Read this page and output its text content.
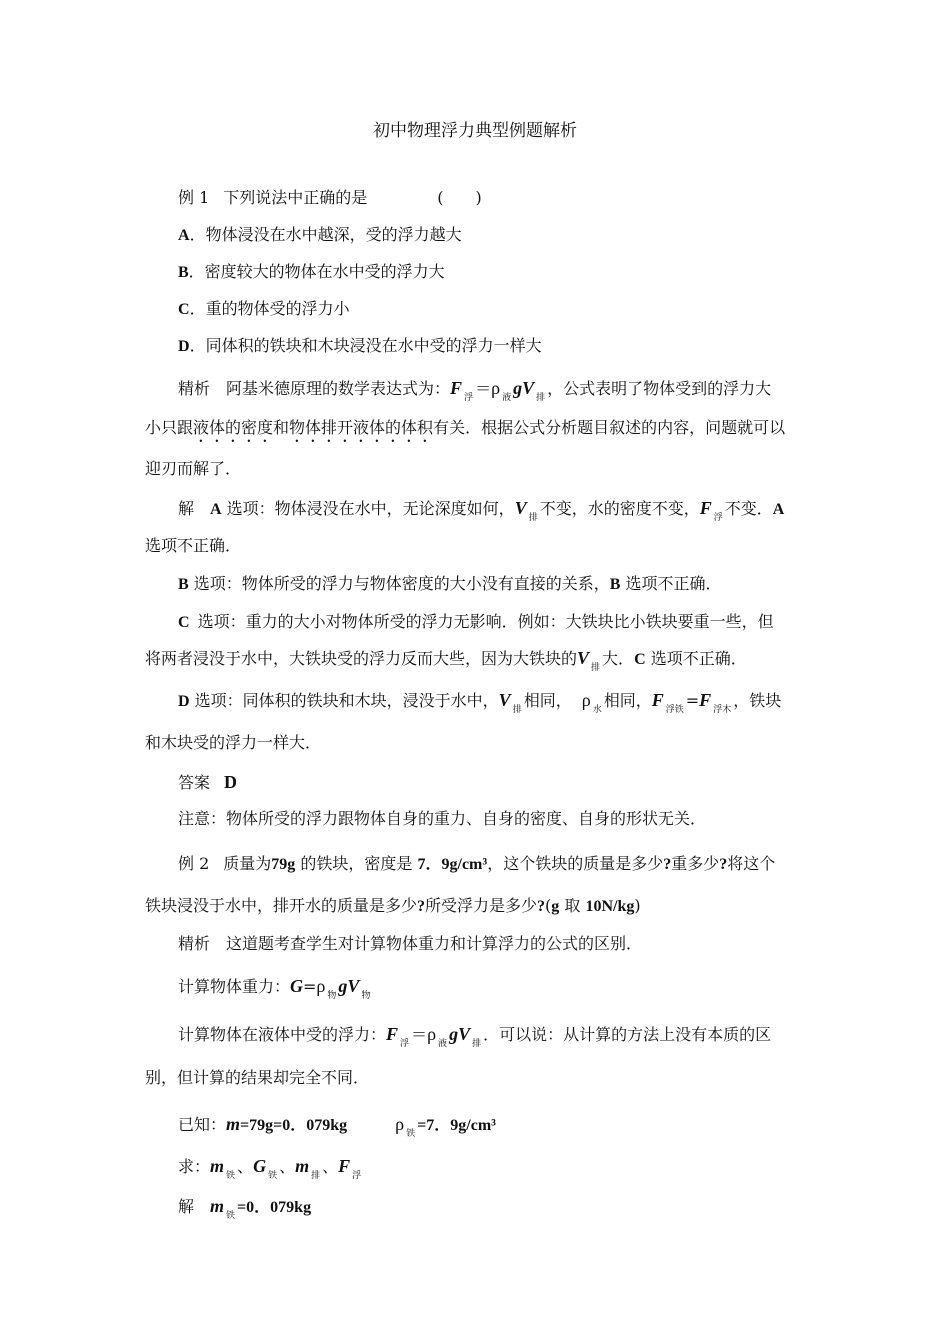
初中物理浮力典型例题解析
例 1 下列说法中正确的是	(　　)
A．物体浸没在水中越深，受的浮力越大
B．密度较大的物体在水中受的浮力大
C．重的物体受的浮力小
D．同体积的铁块和木块浸没在水中受的浮力一样大
精析 阿基米德原理的数学表达式为：F $_浮$ ＝ρ $_液$ gV $_排$ ，公式表明了物体受到的浮力大
小只跟液体的密度和物体排开液体的体积有关．根据公式分析题目叙述的内容，问题就可以
迎刃而解了．
解 A 选项：物体浸没在水中，无论深度如何，V $_排$ 不变，水的密度不变，F $_浮$ 不变．A
选项不正确．
B 选项：物体所受的浮力与物体密度的大小没有直接的关系，B 选项不正确．
C 选项：重力的大小对物体所受的浮力无影响．例如：大铁块比小铁块要重一些，但
将两者浸没于水中，大铁块受的浮力反而大些，因为大铁块的V $_排$ 大．C 选项不正确．
D 选项：同体积的铁块和木块，浸没于水中，V $_排$ 相同， ρ $_水$ 相同，F $_{浮铁}$ =F $_{浮木}$ ，铁块
和木块受的浮力一样大．
答案 D
注意：物体所受的浮力跟物体自身的重力、自身的密度、自身的形状无关．
例 2 质量为79g 的铁块，密度是 7．9g/cm³，这个铁块的质量是多少?重多少?将这个
铁块浸没于水中，排开水的质量是多少?所受浮力是多少?(g 取 10N/kg)
精析 这道题考查学生对计算物体重力和计算浮力的公式的区别．
计算物体重力：G=ρ $_物$ gV $_物$
计算物体在液体中受的浮力：F $_浮$ ＝ρ $_液$ gV $_排$ ．可以说：从计算的方法上没有本质的区
别，但计算的结果却完全不同．
已知：m=79g=0．079kg	ρ $_铁$ =7．9g/cm³
求：m $_铁$ 、G $_铁$ 、m $_排$ 、F $_浮$
解 m $_铁$ =0．079kg
